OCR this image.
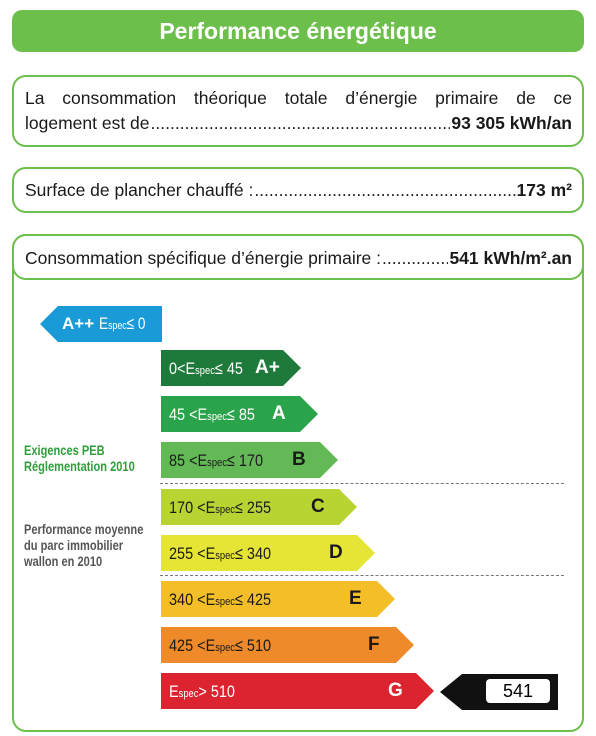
Performance énergétique
La consommation théorique totale d’énergie primaire de ce
logement est de .....	93 305 kWh/an
Surface de plancher chauffé : .....	173 m²
Consommation spécifique d’énergie primaire : .....	541 kWh/m².an
A++ Espec≤ 0
0<Espec≤ 45 A+
45 <Espec≤ 85 A
85 <Espec≤ 170 B
170 <Espec≤ 255 C
255 <Espec≤ 340	D
340 <Espec≤ 425	E
425 <Espec≤ 510	F
Espec> 510	G
Exigences PEB
Réglementation 2010
Performance moyenne
du parc immobilier
wallon en 2010
541
